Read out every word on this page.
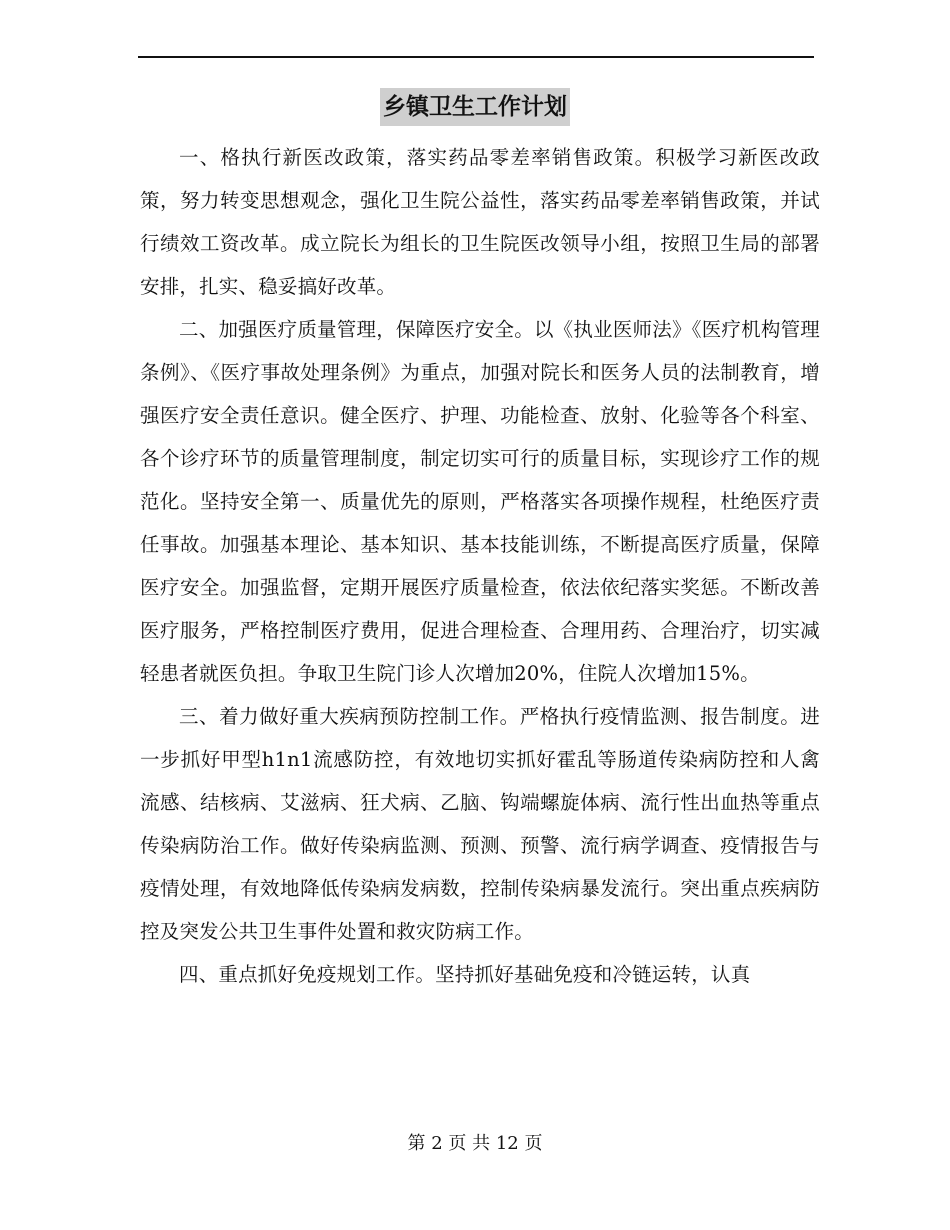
乡镇卫生工作计划

一、格执行新医改政策，落实药品零差率销售政策。积极学习新医改政策，努力转变思想观念，强化卫生院公益性，落实药品零差率销售政策，并试行绩效工资改革。成立院长为组长的卫生院医改领导小组，按照卫生局的部署安排，扎实、稳妥搞好改革。

二、加强医疗质量管理，保障医疗安全。以《执业医师法》《医疗机构管理条例》、《医疗事故处理条例》为重点，加强对院长和医务人员的法制教育，增强医疗安全责任意识。健全医疗、护理、功能检查、放射、化验等各个科室、各个诊疗环节的质量管理制度，制定切实可行的质量目标，实现诊疗工作的规范化。坚持安全第一、质量优先的原则，严格落实各项操作规程，杜绝医疗责任事故。加强基本理论、基本知识、基本技能训练，不断提高医疗质量，保障医疗安全。加强监督，定期开展医疗质量检查，依法依纪落实奖惩。不断改善医疗服务，严格控制医疗费用，促进合理检查、合理用药、合理治疗，切实减轻患者就医负担。争取卫生院门诊人次增加20%，住院人次增加15%。

三、着力做好重大疾病预防控制工作。严格执行疫情监测、报告制度。进一步抓好甲型h1n1流感防控，有效地切实抓好霍乱等肠道传染病防控和人禽流感、结核病、艾滋病、狂犬病、乙脑、钩端螺旋体病、流行性出血热等重点传染病防治工作。做好传染病监测、预测、预警、流行病学调查、疫情报告与疫情处理，有效地降低传染病发病数，控制传染病暴发流行。突出重点疾病防控及突发公共卫生事件处置和救灾防病工作。

四、重点抓好免疫规划工作。坚持抓好基础免疫和冷链运转，认真

第 2 页 共 12 页
